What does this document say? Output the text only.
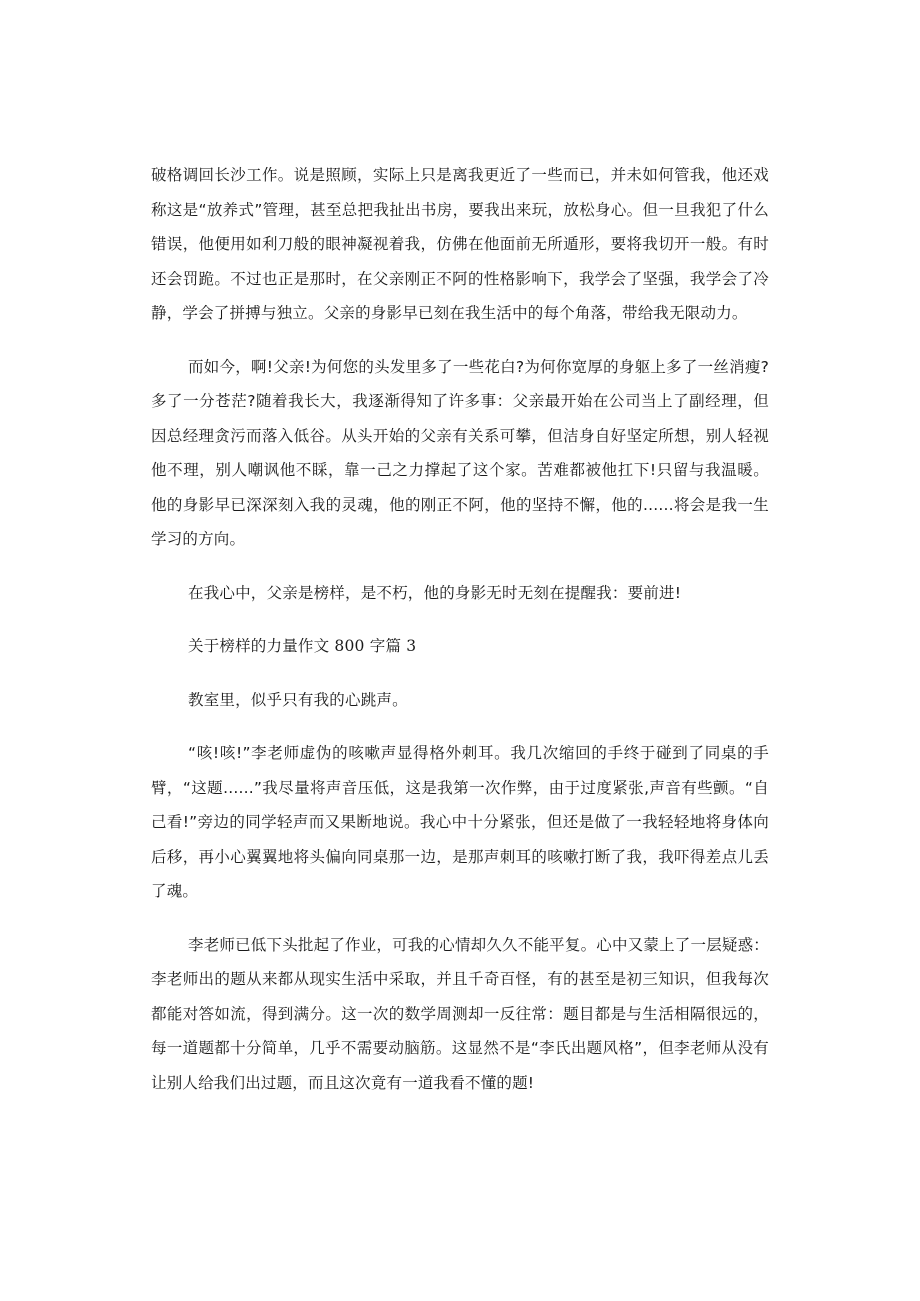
破格调回长沙工作。说是照顾，实际上只是离我更近了一些而已，并未如何管我，他还戏称这是“放养式”管理，甚至总把我扯出书房，要我出来玩，放松身心。但一旦我犯了什么错误，他便用如利刀般的眼神凝视着我，仿佛在他面前无所遁形，要将我切开一般。有时还会罚跪。不过也正是那时，在父亲刚正不阿的性格影响下，我学会了坚强，我学会了冷静，学会了拼搏与独立。父亲的身影早已刻在我生活中的每个角落，带给我无限动力。

而如今，啊!父亲!为何您的头发里多了一些花白?为何你宽厚的身躯上多了一丝消瘦?多了一分苍茫?随着我长大，我逐渐得知了许多事：父亲最开始在公司当上了副经理，但因总经理贪污而落入低谷。从头开始的父亲有关系可攀，但洁身自好坚定所想，别人轻视他不理，别人嘲讽他不睬，靠一己之力撑起了这个家。苦难都被他扛下!只留与我温暖。他的身影早已深深刻入我的灵魂，他的刚正不阿，他的坚持不懈，他的......将会是我一生学习的方向。

在我心中，父亲是榜样，是不朽，他的身影无时无刻在提醒我：要前进!

关于榜样的力量作文 800 字篇 3

教室里，似乎只有我的心跳声。

“咳!咳!”李老师虚伪的咳嗽声显得格外刺耳。我几次缩回的手终于碰到了同桌的手臂，“这题......”我尽量将声音压低，这是我第一次作弊，由于过度紧张,声音有些颤。“自己看!”旁边的同学轻声而又果断地说。我心中十分紧张，但还是做了一我轻轻地将身体向后移，再小心翼翼地将头偏向同桌那一边，是那声刺耳的咳嗽打断了我，我吓得差点儿丢了魂。

李老师已低下头批起了作业，可我的心情却久久不能平复。心中又蒙上了一层疑惑：李老师出的题从来都从现实生活中采取，并且千奇百怪，有的甚至是初三知识，但我每次都能对答如流，得到满分。这一次的数学周测却一反往常：题目都是与生活相隔很远的，每一道题都十分简单，几乎不需要动脑筋。这显然不是“李氏出题风格”，但李老师从没有让别人给我们出过题，而且这次竟有一道我看不懂的题!
